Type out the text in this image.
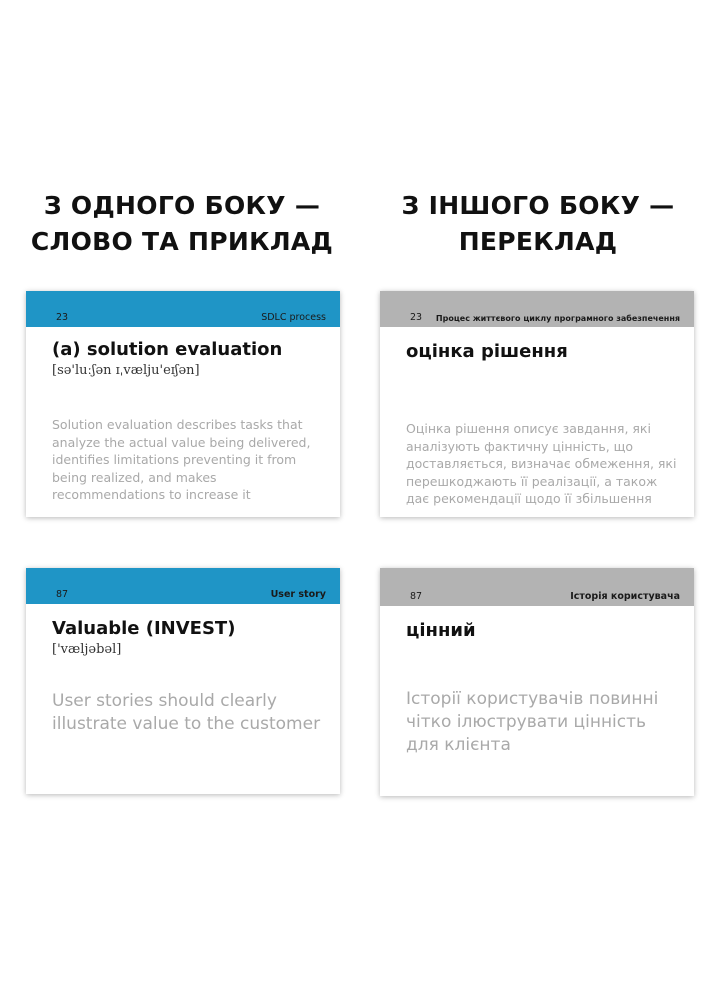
З ОДНОГО БОКУ —
СЛОВО ТА ПРИКЛАД
З ІНШОГО БОКУ —
ПЕРЕКЛАД
23	SDLC process
(a) solution evaluation
[sə'luːʃən ɪˌvælju'eɪʃən]
Solution evaluation describes tasks that analyze the actual value being delivered, identifies limitations preventing it from being realized, and makes recommendations to increase it
23 Процес життєвого циклу програмного забезпечення
оцінка рішення
Оцінка рішення описує завдання, які аналізують фактичну цінність, що доставляється, визначає обмеження, які перешкоджають її реалізації, а також дає рекомендації щодо її збільшення
87	User story
Valuable (INVEST)
['væljəbəl]
User stories should clearly illustrate value to the customer
87	Історія користувача
цінний
Історії користувачів повинні чітко ілюструвати цінність для клієнта
